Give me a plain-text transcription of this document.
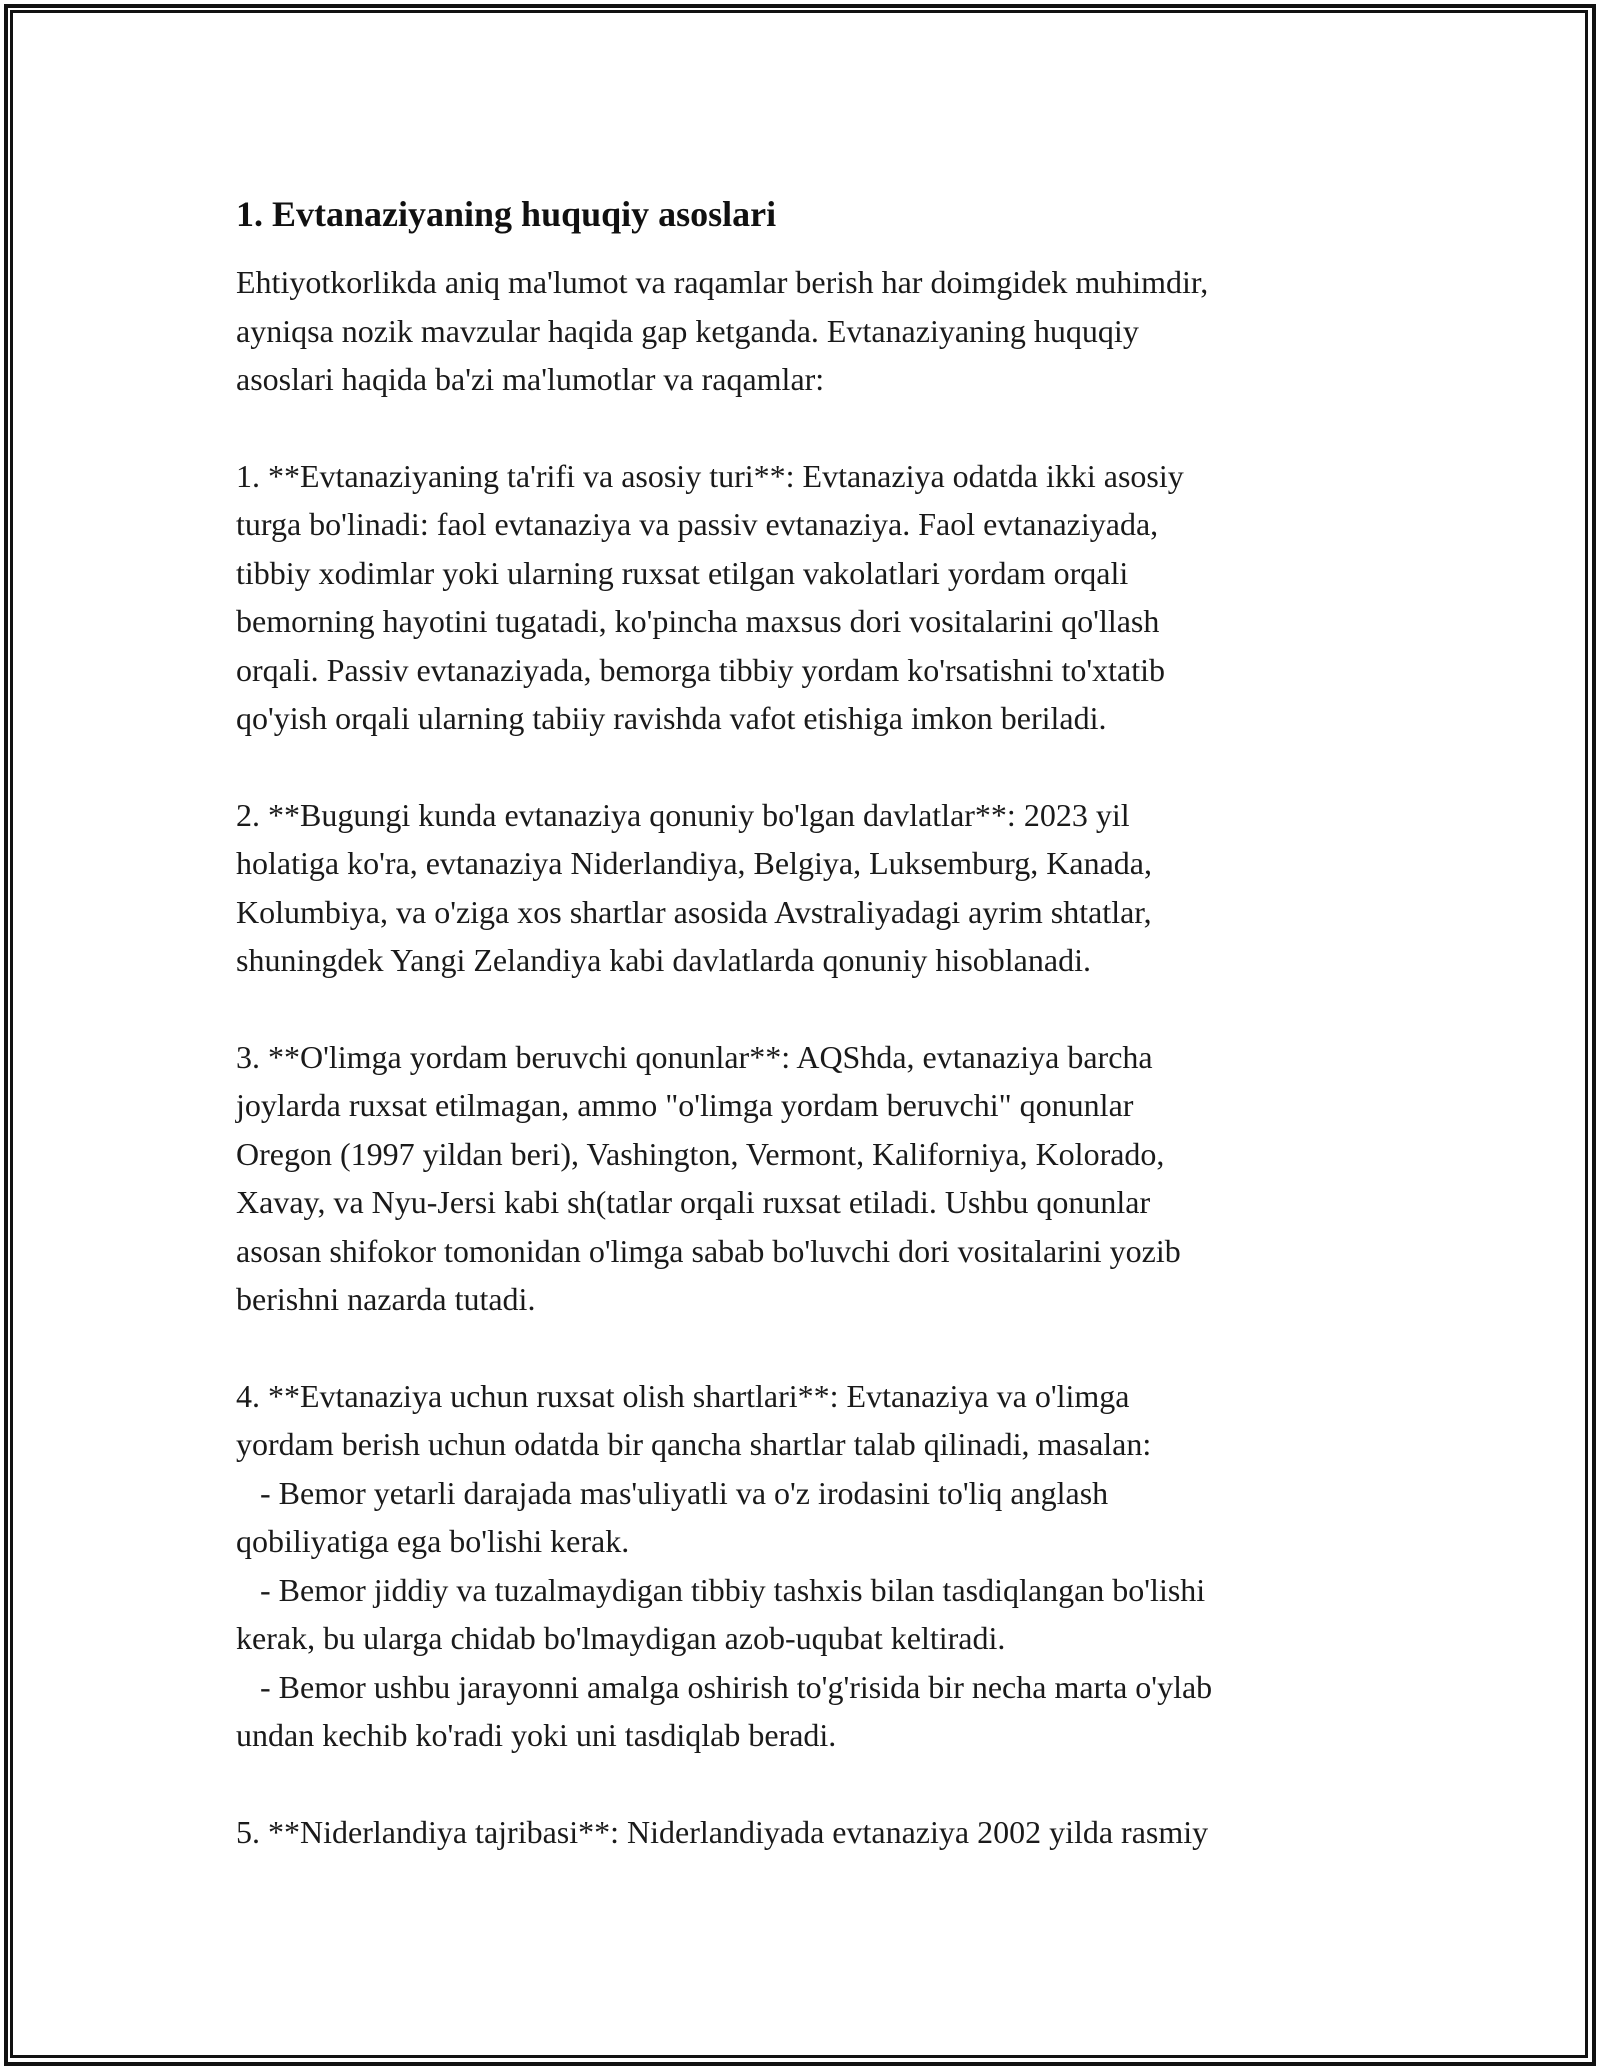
1. Evtanaziyaning huquqiy asoslari
Ehtiyotkorlikda aniq ma'lumot va raqamlar berish har doimgidek muhimdir,
ayniqsa nozik mavzular haqida gap ketganda. Evtanaziyaning huquqiy
asoslari haqida ba'zi ma'lumotlar va raqamlar:
1. **Evtanaziyaning ta'rifi va asosiy turi**: Evtanaziya odatda ikki asosiy
turga bo'linadi: faol evtanaziya va passiv evtanaziya. Faol evtanaziyada,
tibbiy xodimlar yoki ularning ruxsat etilgan vakolatlari yordam orqali
bemorning hayotini tugatadi, ko'pincha maxsus dori vositalarini qo'llash
orqali. Passiv evtanaziyada, bemorga tibbiy yordam ko'rsatishni to'xtatib
qo'yish orqali ularning tabiiy ravishda vafot etishiga imkon beriladi.
2. **Bugungi kunda evtanaziya qonuniy bo'lgan davlatlar**: 2023 yil
holatiga ko'ra, evtanaziya Niderlandiya, Belgiya, Luksemburg, Kanada,
Kolumbiya, va o'ziga xos shartlar asosida Avstraliyadagi ayrim shtatlar,
shuningdek Yangi Zelandiya kabi davlatlarda qonuniy hisoblanadi.
3. **O'limga yordam beruvchi qonunlar**: AQShda, evtanaziya barcha
joylarda ruxsat etilmagan, ammo "o'limga yordam beruvchi" qonunlar
Oregon (1997 yildan beri), Vashington, Vermont, Kaliforniya, Kolorado,
Xavay, va Nyu-Jersi kabi sh(tatlar orqali ruxsat etiladi. Ushbu qonunlar
asosan shifokor tomonidan o'limga sabab bo'luvchi dori vositalarini yozib
berishni nazarda tutadi.
4. **Evtanaziya uchun ruxsat olish shartlari**: Evtanaziya va o'limga
yordam berish uchun odatda bir qancha shartlar talab qilinadi, masalan:
- Bemor yetarli darajada mas'uliyatli va o'z irodasini to'liq anglash
qobiliyatiga ega bo'lishi kerak.
- Bemor jiddiy va tuzalmaydigan tibbiy tashxis bilan tasdiqlangan bo'lishi
kerak, bu ularga chidab bo'lmaydigan azob-uqubat keltiradi.
- Bemor ushbu jarayonni amalga oshirish to'g'risida bir necha marta o'ylab
undan kechib ko'radi yoki uni tasdiqlab beradi.
5. **Niderlandiya tajribasi**: Niderlandiyada evtanaziya 2002 yilda rasmiy
